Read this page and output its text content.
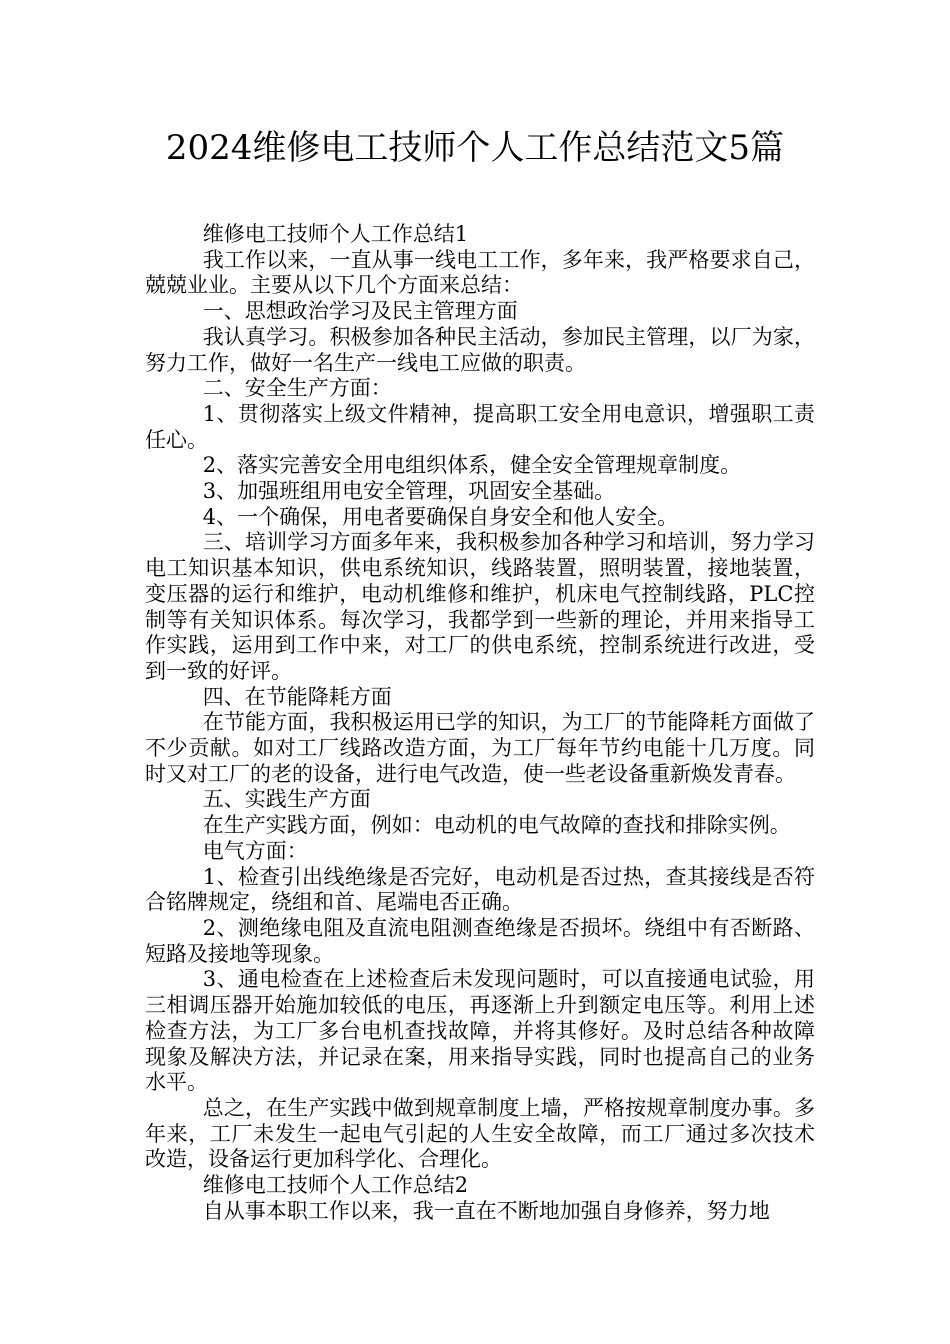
2024维修电工技师个人工作总结范文5篇

维修电工技师个人工作总结1

我工作以来，一直从事一线电工工作，多年来，我严格要求自己，兢兢业业。主要从以下几个方面来总结：

一、思想政治学习及民主管理方面

我认真学习。积极参加各种民主活动，参加民主管理，以厂为家，努力工作，做好一名生产一线电工应做的职责。

二、安全生产方面：

1、贯彻落实上级文件精神，提高职工安全用电意识，增强职工责任心。

2、落实完善安全用电组织体系，健全安全管理规章制度。

3、加强班组用电安全管理，巩固安全基础。

4、一个确保，用电者要确保自身安全和他人安全。

三、培训学习方面多年来，我积极参加各种学习和培训，努力学习电工知识基本知识，供电系统知识，线路装置，照明装置，接地装置，变压器的运行和维护，电动机维修和维护，机床电气控制线路，PLC控制等有关知识体系。每次学习，我都学到一些新的理论，并用来指导工作实践，运用到工作中来，对工厂的供电系统，控制系统进行改进，受到一致的好评。

四、在节能降耗方面

在节能方面，我积极运用已学的知识，为工厂的节能降耗方面做了不少贡献。如对工厂线路改造方面，为工厂每年节约电能十几万度。同时又对工厂的老的设备，进行电气改造，使一些老设备重新焕发青春。

五、实践生产方面

在生产实践方面，例如：电动机的电气故障的查找和排除实例。

电气方面：

1、检查引出线绝缘是否完好，电动机是否过热，查其接线是否符合铭牌规定，绕组和首、尾端电否正确。

2、测绝缘电阻及直流电阻测查绝缘是否损坏。绕组中有否断路、短路及接地等现象。

3、通电检查在上述检查后未发现问题时，可以直接通电试验，用三相调压器开始施加较低的电压，再逐渐上升到额定电压等。利用上述检查方法，为工厂多台电机查找故障，并将其修好。及时总结各种故障现象及解决方法，并记录在案，用来指导实践，同时也提高自己的业务水平。

总之，在生产实践中做到规章制度上墙，严格按规章制度办事。多年来，工厂未发生一起电气引起的人生安全故障，而工厂通过多次技术改造，设备运行更加科学化、合理化。

维修电工技师个人工作总结2

自从事本职工作以来，我一直在不断地加强自身修养，努力地
